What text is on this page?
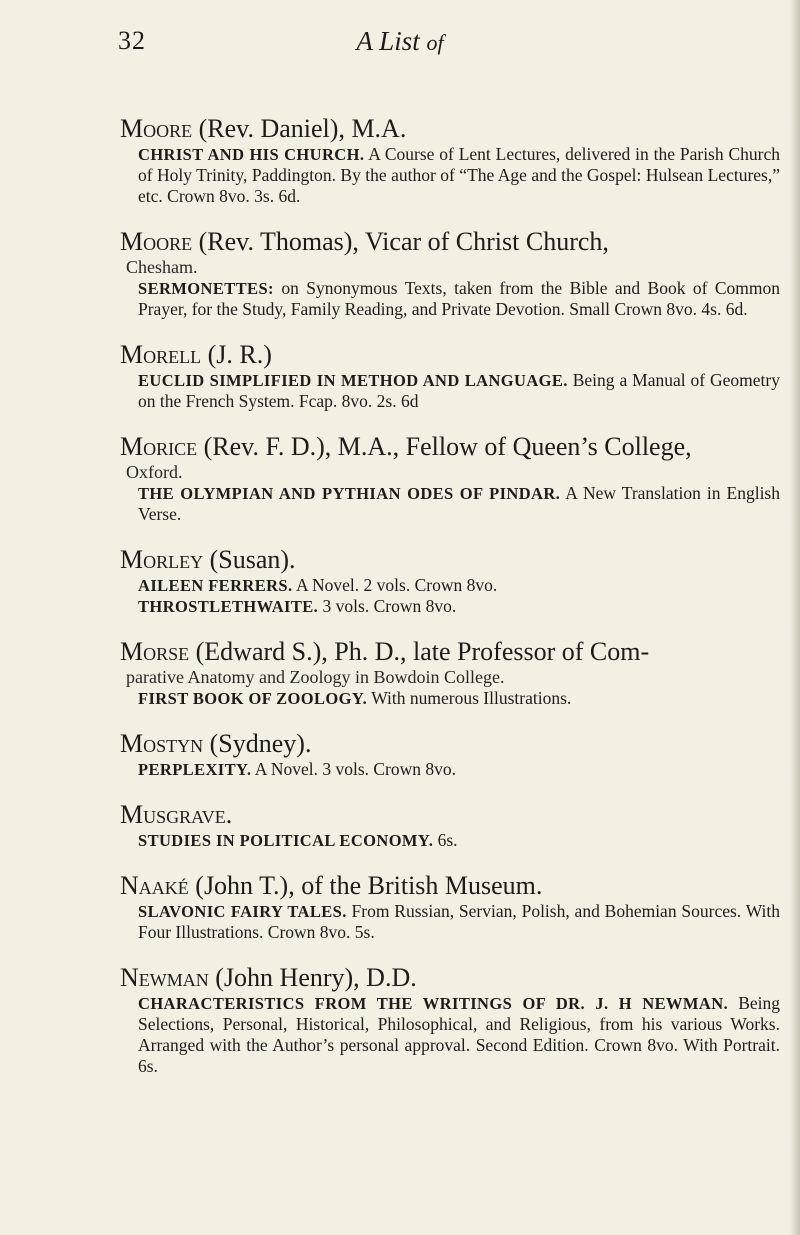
32	A List of
Moore (Rev. Daniel), M.A.
CHRIST AND HIS CHURCH. A Course of Lent Lectures, delivered in the Parish Church of Holy Trinity, Paddington. By the author of “The Age and the Gospel: Hulsean Lectures,” etc. Crown 8vo. 3s. 6d.
Moore (Rev. Thomas), Vicar of Christ Church,
Chesham.
SERMONETTES: on Synonymous Texts, taken from the Bible and Book of Common Prayer, for the Study, Family Reading, and Private Devotion. Small Crown 8vo. 4s. 6d.
Morell (J. R.)
EUCLID SIMPLIFIED IN METHOD AND LANGUAGE. Being a Manual of Geometry on the French System. Fcap. 8vo. 2s. 6d
Morice (Rev. F. D.), M.A., Fellow of Queen’s College,
Oxford.
THE OLYMPIAN AND PYTHIAN ODES OF PINDAR. A New Translation in English Verse.
Morley (Susan).
AILEEN FERRERS. A Novel. 2 vols. Crown 8vo.
THROSTLETHWAITE. 3 vols. Crown 8vo.
Morse (Edward S.), Ph. D., late Professor of Com-
parative Anatomy and Zoology in Bowdoin College.
FIRST BOOK OF ZOOLOGY. With numerous Illustrations.
Mostyn (Sydney).
PERPLEXITY. A Novel. 3 vols. Crown 8vo.
Musgrave.
STUDIES IN POLITICAL ECONOMY. 6s.
Naaké (John T.), of the British Museum.
SLAVONIC FAIRY TALES. From Russian, Servian, Polish, and Bohemian Sources. With Four Illustrations. Crown 8vo. 5s.
Newman (John Henry), D.D.
CHARACTERISTICS FROM THE WRITINGS OF DR. J. H NEWMAN. Being Selections, Personal, Historical, Philosophical, and Religious, from his various Works. Arranged with the Author’s personal approval. Second Edition. Crown 8vo. With Portrait. 6s.
